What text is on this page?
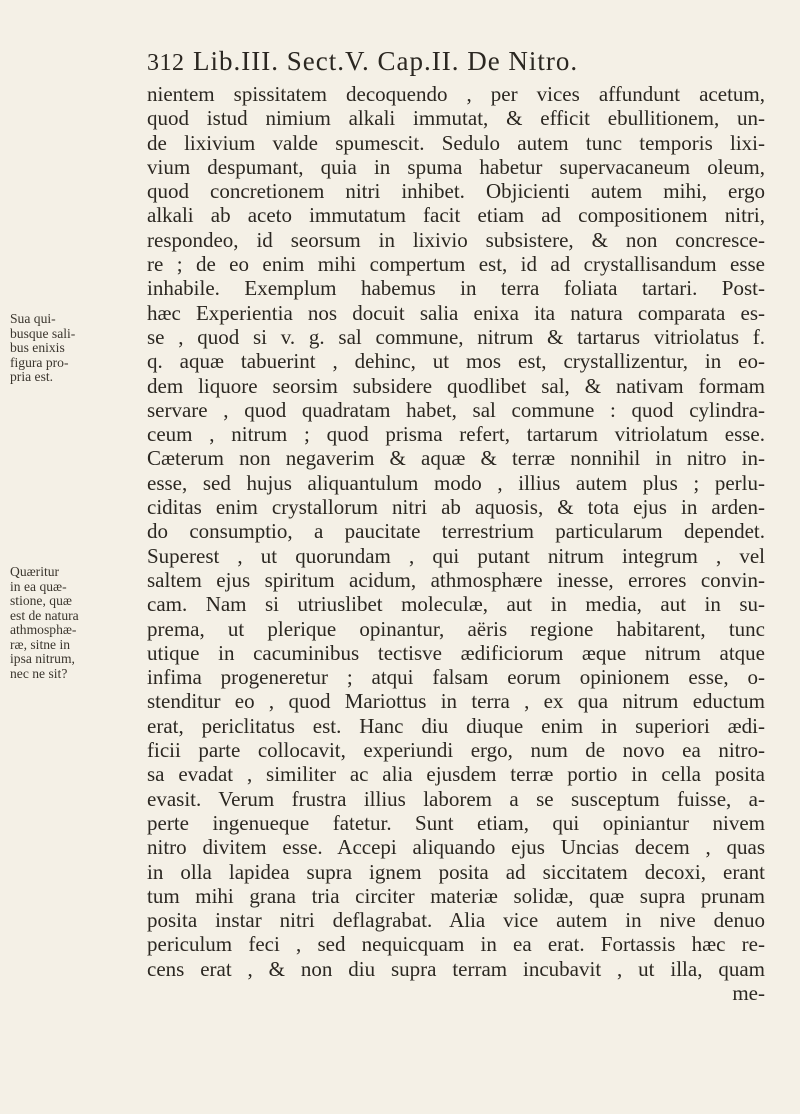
312 Lib.III. Sect.V. Cap.II. De Nitro.
Sua qui-
busque sali-
bus enixis
figura pro-
pria est.
Quæritur
in ea quæ-
stione, quæ
est de natura
athmosphæ-
ræ, sitne in
ipsa nitrum,
nec ne sit?
nientem spissitatem decoquendo , per vices affundunt acetum,
quod istud nimium alkali immutat, & efficit ebullitionem, un-
de lixivium valde spumescit. Sedulo autem tunc temporis lixi-
vium despumant, quia in spuma habetur supervacaneum oleum,
quod concretionem nitri inhibet. Objicienti autem mihi, ergo
alkali ab aceto immutatum facit etiam ad compositionem nitri,
respondeo, id seorsum in lixivio subsistere, & non concresce-
re ; de eo enim mihi compertum est, id ad crystallisandum esse
inhabile. Exemplum habemus in terra foliata tartari. Post-
hæc Experientia nos docuit salia enixa ita natura comparata es-
se , quod si v. g. sal commune, nitrum & tartarus vitriolatus f.
q. aquæ tabuerint , dehinc, ut mos est, crystallizentur, in eo-
dem liquore seorsim subsidere quodlibet sal, & nativam formam
servare , quod quadratam habet, sal commune : quod cylindra-
ceum , nitrum ; quod prisma refert, tartarum vitriolatum esse.
Cæterum non negaverim & aquæ & terræ nonnihil in nitro in-
esse, sed hujus aliquantulum modo , illius autem plus ; perlu-
ciditas enim crystallorum nitri ab aquosis, & tota ejus in arden-
do consumptio, a paucitate terrestrium particularum dependet.
Superest , ut quorundam , qui putant nitrum integrum , vel
saltem ejus spiritum acidum, athmosphære inesse, errores convin-
cam. Nam si utriuslibet moleculæ, aut in media, aut in su-
prema, ut plerique opinantur, aëris regione habitarent, tunc
utique in cacuminibus tectisve ædificiorum æque nitrum atque
infima progeneretur ; atqui falsam eorum opinionem esse, o-
stenditur eo , quod Mariottus in terra , ex qua nitrum eductum
erat, periclitatus est. Hanc diu diuque enim in superiori ædi-
ficii parte collocavit, experiundi ergo, num de novo ea nitro-
sa evadat , similiter ac alia ejusdem terræ portio in cella posita
evasit. Verum frustra illius laborem a se susceptum fuisse, a-
perte ingenueque fatetur. Sunt etiam, qui opiniantur nivem
nitro divitem esse. Accepi aliquando ejus Uncias decem , quas
in olla lapidea supra ignem posita ad siccitatem decoxi, erant
tum mihi grana tria circiter materiæ solidæ, quæ supra prunam
posita instar nitri deflagrabat. Alia vice autem in nive denuo
periculum feci , sed nequicquam in ea erat. Fortassis hæc re-
cens erat , & non diu supra terram incubavit , ut illa, quam
me-
